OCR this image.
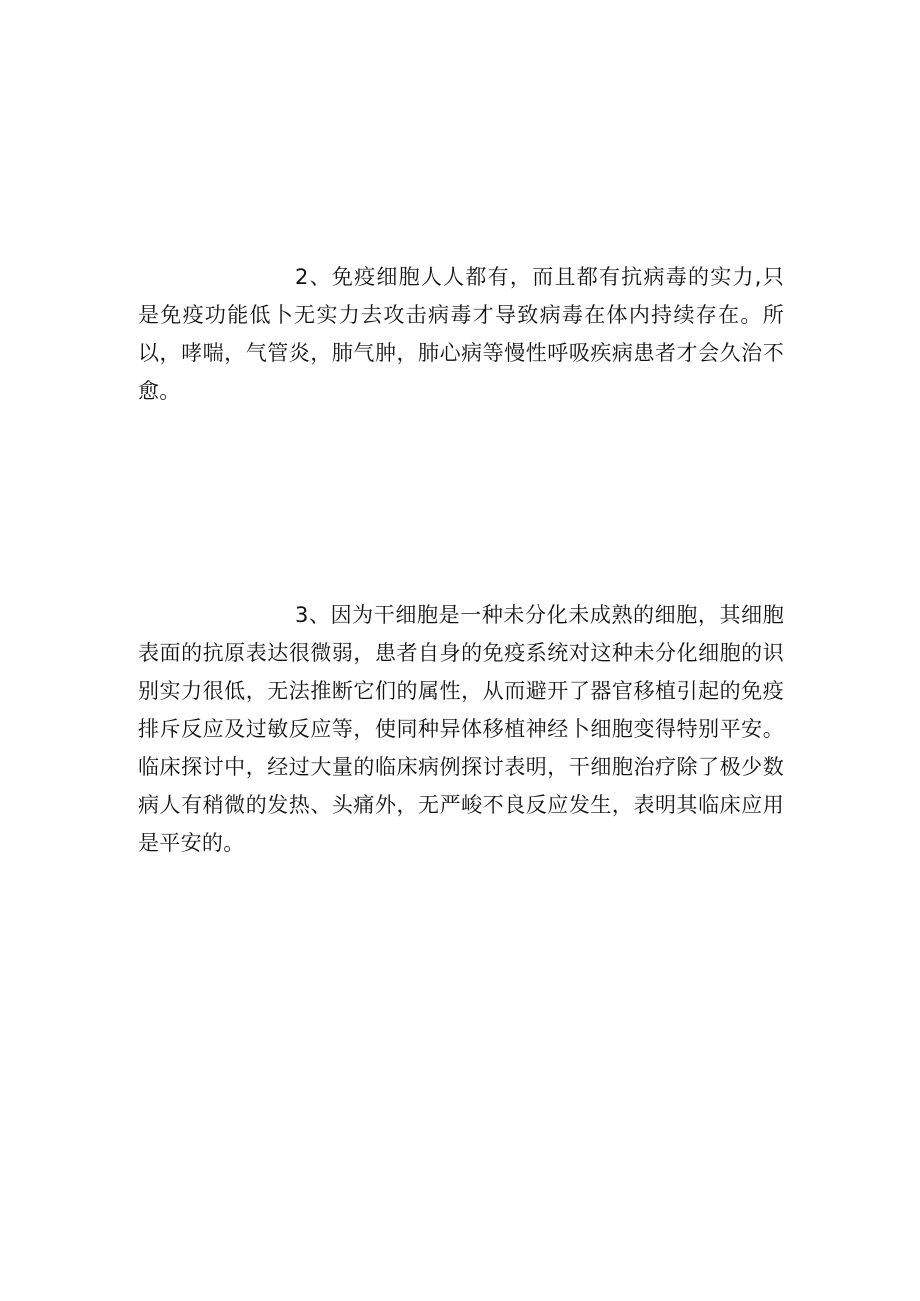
2、免疫细胞人人都有，而且都有抗病毒的实力,只是免疫功能低卜无实力去攻击病毒才导致病毒在体内持续存在。所以，哮喘，气管炎，肺气肿，肺心病等慢性呼吸疾病患者才会久治不愈。

3、因为干细胞是一种未分化未成熟的细胞，其细胞表面的抗原表达很微弱，患者自身的免疫系统对这种未分化细胞的识别实力很低，无法推断它们的属性，从而避开了器官移植引起的免疫排斥反应及过敏反应等，使同种异体移植神经卜细胞变得特别平安。临床探讨中，经过大量的临床病例探讨表明，干细胞治疗除了极少数病人有稍微的发热、头痛外，无严峻不良反应发生，表明其临床应用是平安的。
